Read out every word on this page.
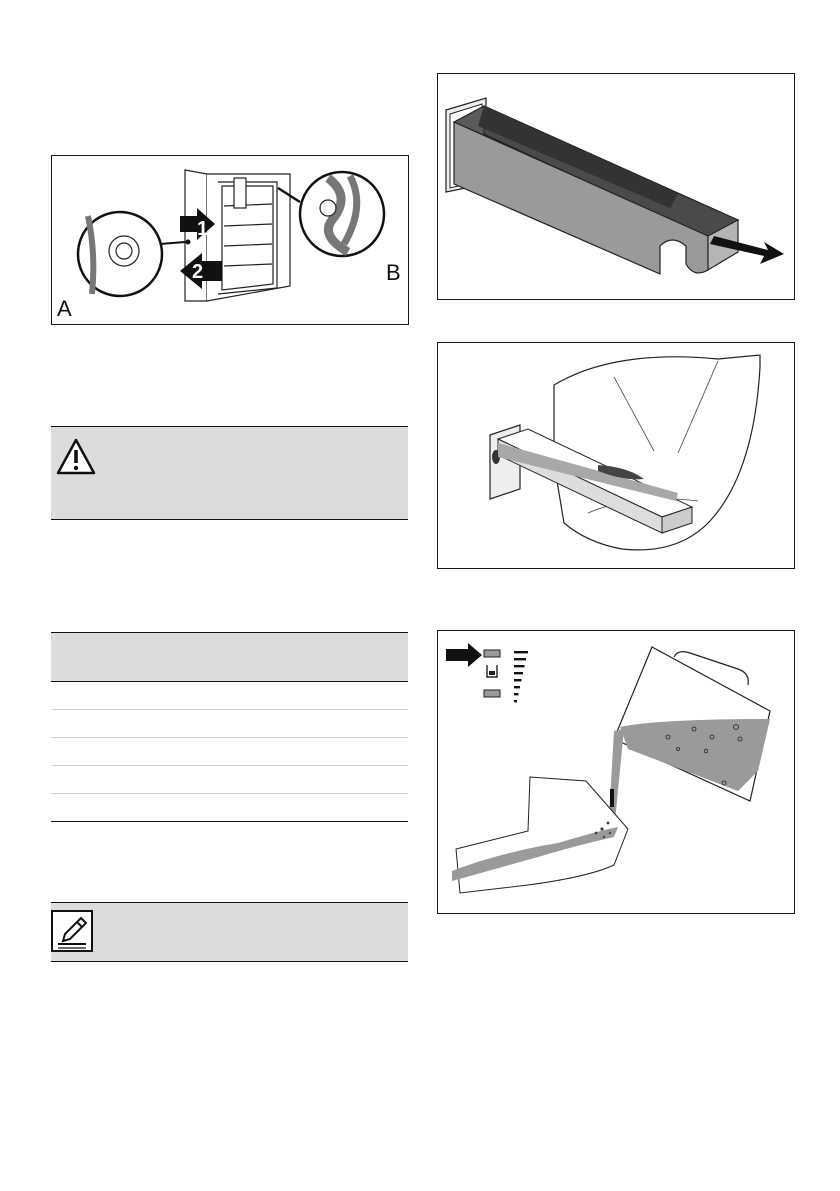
1
2
A
B
